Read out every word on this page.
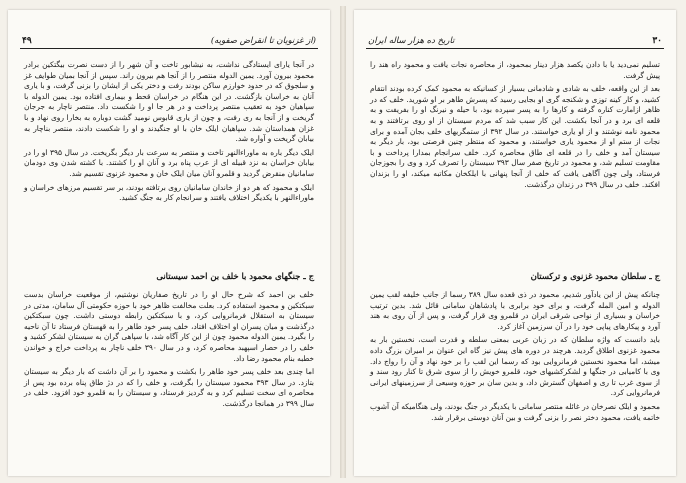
۴۹	(از غزنویان تا انقراض صفویه)

در آنجا یارای ایستادگی نداشت، به نیشابور تاخت و آن شهر را از دست نصرت بیگتکین برادر محمود بیرون آورد. یمین الدوله منتصر را از آنجا هم بیرون راند. سپس از آنجا بمیان طوایف غز و سلجوق که در حدود خوارزم ساکن بودند رفت و دختر یکی از ایشان را بزنی گرفت، و با یاری آنان به خراسان بازگشت. در این هنگام در خراسان قحط و بیماری افتاده بود. یمین الدوله با سپاهیان خود به تعقیب منتصر پرداخت و در هر جا او را شکست داد. منتصر ناچار به جرجان گریخت و از آنجا به ری رفت، و چون از یاری قابوس نومید گشت دوباره به بخارا روی نهاد و با غزان همداستان شد. سپاهیان ایلک خان با او جنگیدند و او را شکست دادند، منتصر بناچار به بیابان گریخت و آواره شد.

ایلک دیگر باره به ماوراءالنهر تاخت و منتصر به سرعت بار دیگر بگریخت. در سال ۳۹۵ او را در بیابان خراسان به نزد قبیله ای از عرب پناه برد و آنان او را کشتند. با کشته شدن وی دودمان سامانیان منقرض گردید و قلمرو آنان میان ایلک خان و محمود غزنوی تقسیم شد.

ایلک و محمود که هر دو از خاندان سامانیان روی برتافته بودند، بر سر تقسیم مرزهای خراسان و ماوراءالنهر با یکدیگر اختلاف یافتند و سرانجام کار به جنگ کشید.

ج ـ جنگهای محمود با خلف بن احمد سیستانی

خلف بن احمد که شرح حال او را در تاریخ صفاریان نوشتیم، از موقعیت خراسان بدست سبکتکین و محمود استفاده کرد. بعلت مخالفت ظاهر خود با حوزه حکومتی آل سامان، مدتی در سیستان به استقلال فرمانروایی کرد، و با سبکتکین رابطه دوستی داشت. چون سبکتکین درگذشت و میان پسران او اختلاف افتاد، خلف پسر خود طاهر را به قهستان فرستاد تا آن ناحیه را بگیرد. یمین الدوله محمود چون از این کار آگاه شد، با سپاهی گران به سیستان لشکر کشید و خلف را در حصار اسپهبد محاصره کرد، و در سال ۳۹۰ خلف ناچار به پرداخت خراج و خواندن خطبه بنام محمود رضا داد.

اما چندی بعد خلف پسر خود طاهر را بکشت و محمود را بر آن داشت که بار دیگر به سیستان بتازد. در سال ۳۹۳ محمود سیستان را بگرفت، و خلف را که در دژ طاق پناه برده بود پس از محاصره ای سخت تسلیم کرد و به گردیز فرستاد، و سیستان را به قلمرو خود افزود. خلف در سال ۳۹۹ در همانجا درگذشت.

۳۰
تاریخ ده هزار ساله ایران

تسلیم نمی‌دید یا با دادن یکصد هزار دینار بمحمود، از محاصره نجات یافت و محمود راه هند را پیش گرفت.

بعد از این واقعه، خلف به شادی و شادمانی بسیار از کسانیکه به محمود کمک کرده بودند انتقام کشید، و کار کینه توزی و شکنجه گری او بجایی رسید که پسرش طاهر بر او شورید. خلف که در ظاهر ازامارت کناره گرفته و کارها را به پسر سپرده بود، با حیله و نیرنگ او را بفریفت و به قلعه ای برد و در آنجا بکشت. این کار سبب شد که مردم سیستان از او روی برتافتند و به محمود نامه نوشتند و از او یاری خواستند. در سال ۳۹۲ از ستمگریهای خلف بجان آمده و برای نجات از ستم او از محمود یاری خواستند، و محمود که منتظر چنین فرصتی بود، بار دیگر به سیستان آمد و خلف را در قلعه ای طاق محاصره کرد. خلف سرانجام بمدارا پرداخت و با مقاومت تسلیم شد، و محمود در تاریخ صفر سال ۳۹۳ سیستان را تصرف کرد و وی را بجوزجان فرستاد، ولی چون آگاهی یافت که خلف از آنجا پنهانی با ایلکخان مکاتبه میکند، او را بزندان افکند. خلف در سال ۳۹۹ در زندان درگذشت.

ج ـ سلطان محمود غزنوی و ترکستان

چنانکه پیش از این یادآور شدیم، محمود در ذی قعده سال ۳۸۹ رسما از جانب خلیفه لقب یمین الدوله و امین المله گرفت، و برای خود برابری با پادشاهان سامانی قائل شد. بدین ترتیب خراسان و بسیاری از نواحی شرقی ایران در قلمرو وی قرار گرفت، و پس از آن روی به هند آورد و پیکارهای پیاپی خود را در آن سرزمین آغاز کرد.

باید دانست که واژه سلطان که در زبان عربی بمعنی سلطه و قدرت است، نخستین بار به محمود غزنوی اطلاق گردید. هرچند در دوره های پیش نیز گاه این عنوان بر امیران بزرگ داده میشد، اما محمود نخستین فرمانروایی بود که رسما این لقب را بر خود نهاد و آن را رواج داد. وی با کامیابی در جنگها و لشکرکشیهای خود، قلمرو خویش را از سوی شرق تا کنار رود سند و از سوی غرب تا ری و اصفهان گسترش داد، و بدین سان بر حوزه وسیعی از سرزمینهای ایرانی فرمانروایی کرد.

محمود و ایلک نصرخان در غائله منتصر سامانی با یکدیگر در جنگ بودند، ولی هنگامیکه آن آشوب خاتمه یافت، محمود دختر نصر را بزنی گرفت و بین آنان دوستی برقرار شد.
